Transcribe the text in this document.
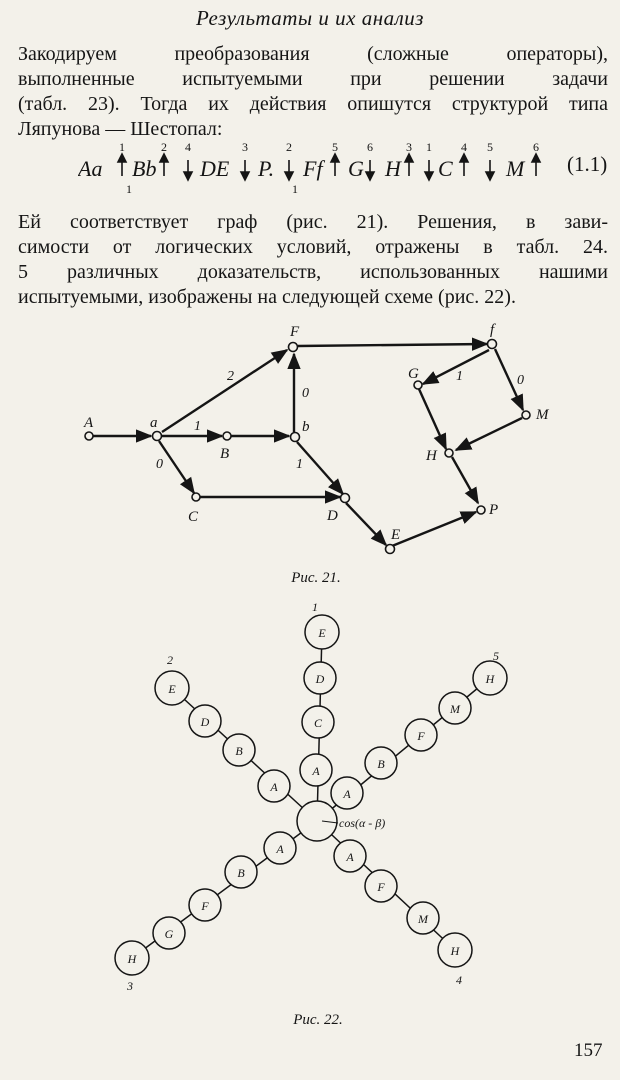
Результаты и их анализ
Закодируем преобразования (сложные операторы),
выполненные испытуемыми при решении задачи
(табл. 23). Тогда их действия опишутся структурой типа
Ляпунова — Шестопал:
Aa Bb DE P. Ff G H C M
1
1
2 4	3	2
1
5 6	3 1 4 5	6
(1.1)
Ей соответствует граф (рис. 21). Решения, в зави-
симости от логических условий, отражены в табл. 24.
5 различных доказательств, использованных нашими
испытуемыми, изображены на следующей схеме (рис. 22).
A	a
B
b
C	D
E
F	f
G
H
M
P
2
1
0
0
1
1	0
Рис. 21.
A
C
D
E
A
B
D
E
A
B
F
G
H
A
F
M
H
A
B
F
M
H
cos(α - β)
1
2
3	4
5
Рис. 22.
157
